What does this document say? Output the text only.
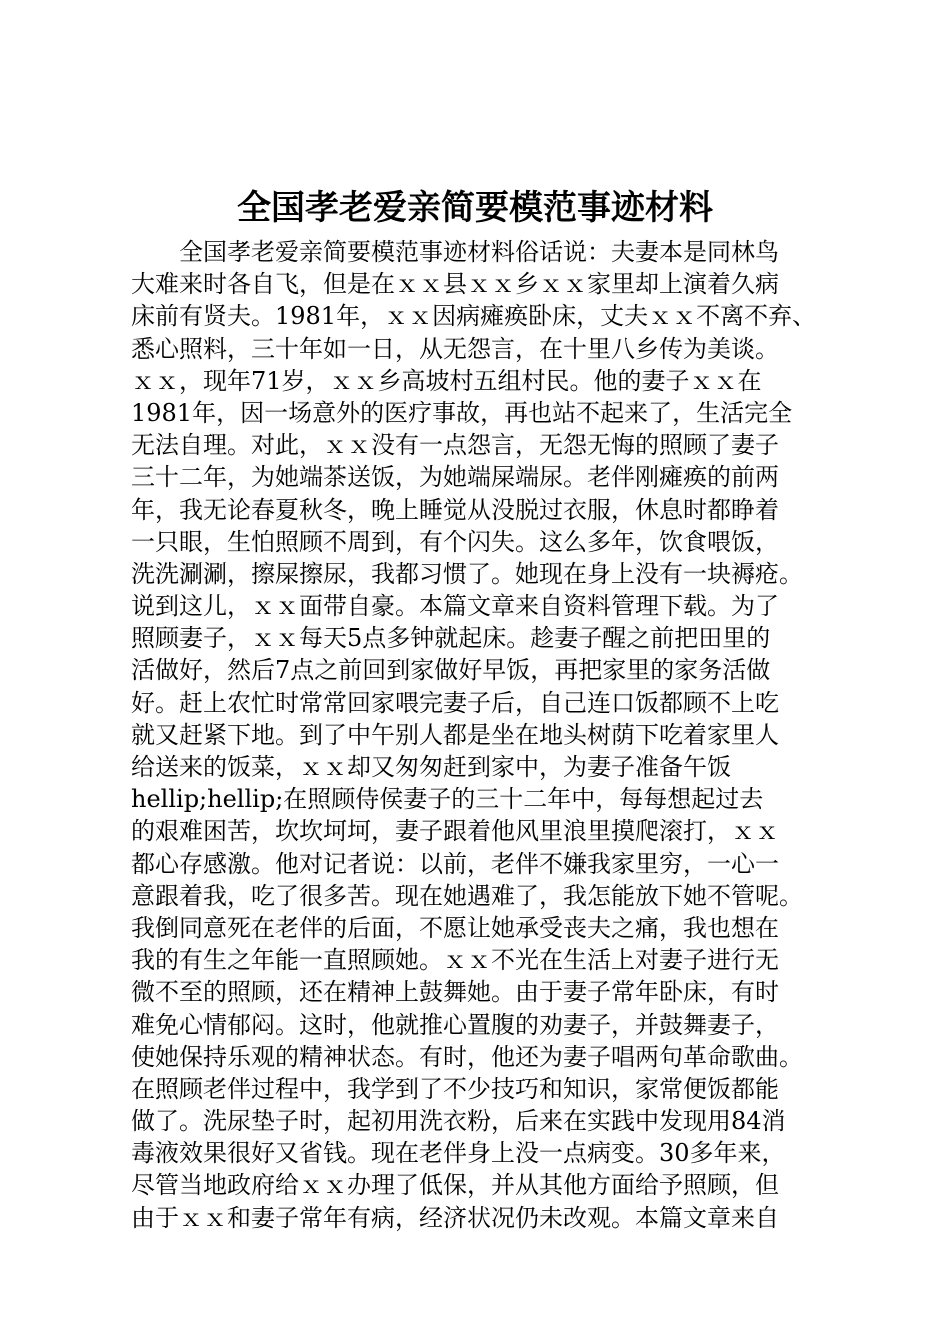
全国孝老爱亲简要模范事迹材料
　　全国孝老爱亲简要模范事迹材料俗话说：夫妻本是同林鸟
大难来时各自飞，但是在ｘｘ县ｘｘ乡ｘｘ家里却上演着久病
床前有贤夫。1981年，ｘｘ因病瘫痪卧床，丈夫ｘｘ不离不弃、
悉心照料，三十年如一日，从无怨言，在十里八乡传为美谈。
ｘｘ，现年71岁，ｘｘ乡高坡村五组村民。他的妻子ｘｘ在
1981年，因一场意外的医疗事故，再也站不起来了，生活完全
无法自理。对此，ｘｘ没有一点怨言，无怨无悔的照顾了妻子
三十二年，为她端茶送饭，为她端屎端尿。老伴刚瘫痪的前两
年，我无论春夏秋冬，晚上睡觉从没脱过衣服，休息时都睁着
一只眼，生怕照顾不周到，有个闪失。这么多年，饮食喂饭，
洗洗涮涮，擦屎擦尿，我都习惯了。她现在身上没有一块褥疮。
说到这儿，ｘｘ面带自豪。本篇文章来自资料管理下载。为了
照顾妻子，ｘｘ每天5点多钟就起床。趁妻子醒之前把田里的
活做好，然后7点之前回到家做好早饭，再把家里的家务活做
好。赶上农忙时常常回家喂完妻子后，自己连口饭都顾不上吃
就又赶紧下地。到了中午别人都是坐在地头树荫下吃着家里人
给送来的饭菜，ｘｘ却又匆匆赶到家中，为妻子准备午饭
hellip;hellip;在照顾侍侯妻子的三十二年中，每每想起过去
的艰难困苦，坎坎坷坷，妻子跟着他风里浪里摸爬滚打，ｘｘ
都心存感激。他对记者说：以前，老伴不嫌我家里穷，一心一
意跟着我，吃了很多苦。现在她遇难了，我怎能放下她不管呢。
我倒同意死在老伴的后面，不愿让她承受丧夫之痛，我也想在
我的有生之年能一直照顾她。ｘｘ不光在生活上对妻子进行无
微不至的照顾，还在精神上鼓舞她。由于妻子常年卧床，有时
难免心情郁闷。这时，他就推心置腹的劝妻子，并鼓舞妻子，
使她保持乐观的精神状态。有时，他还为妻子唱两句革命歌曲。
在照顾老伴过程中，我学到了不少技巧和知识，家常便饭都能
做了。洗尿垫子时，起初用洗衣粉，后来在实践中发现用84消
毒液效果很好又省钱。现在老伴身上没一点病变。30多年来，
尽管当地政府给ｘｘ办理了低保，并从其他方面给予照顾，但
由于ｘｘ和妻子常年有病，经济状况仍未改观。本篇文章来自
